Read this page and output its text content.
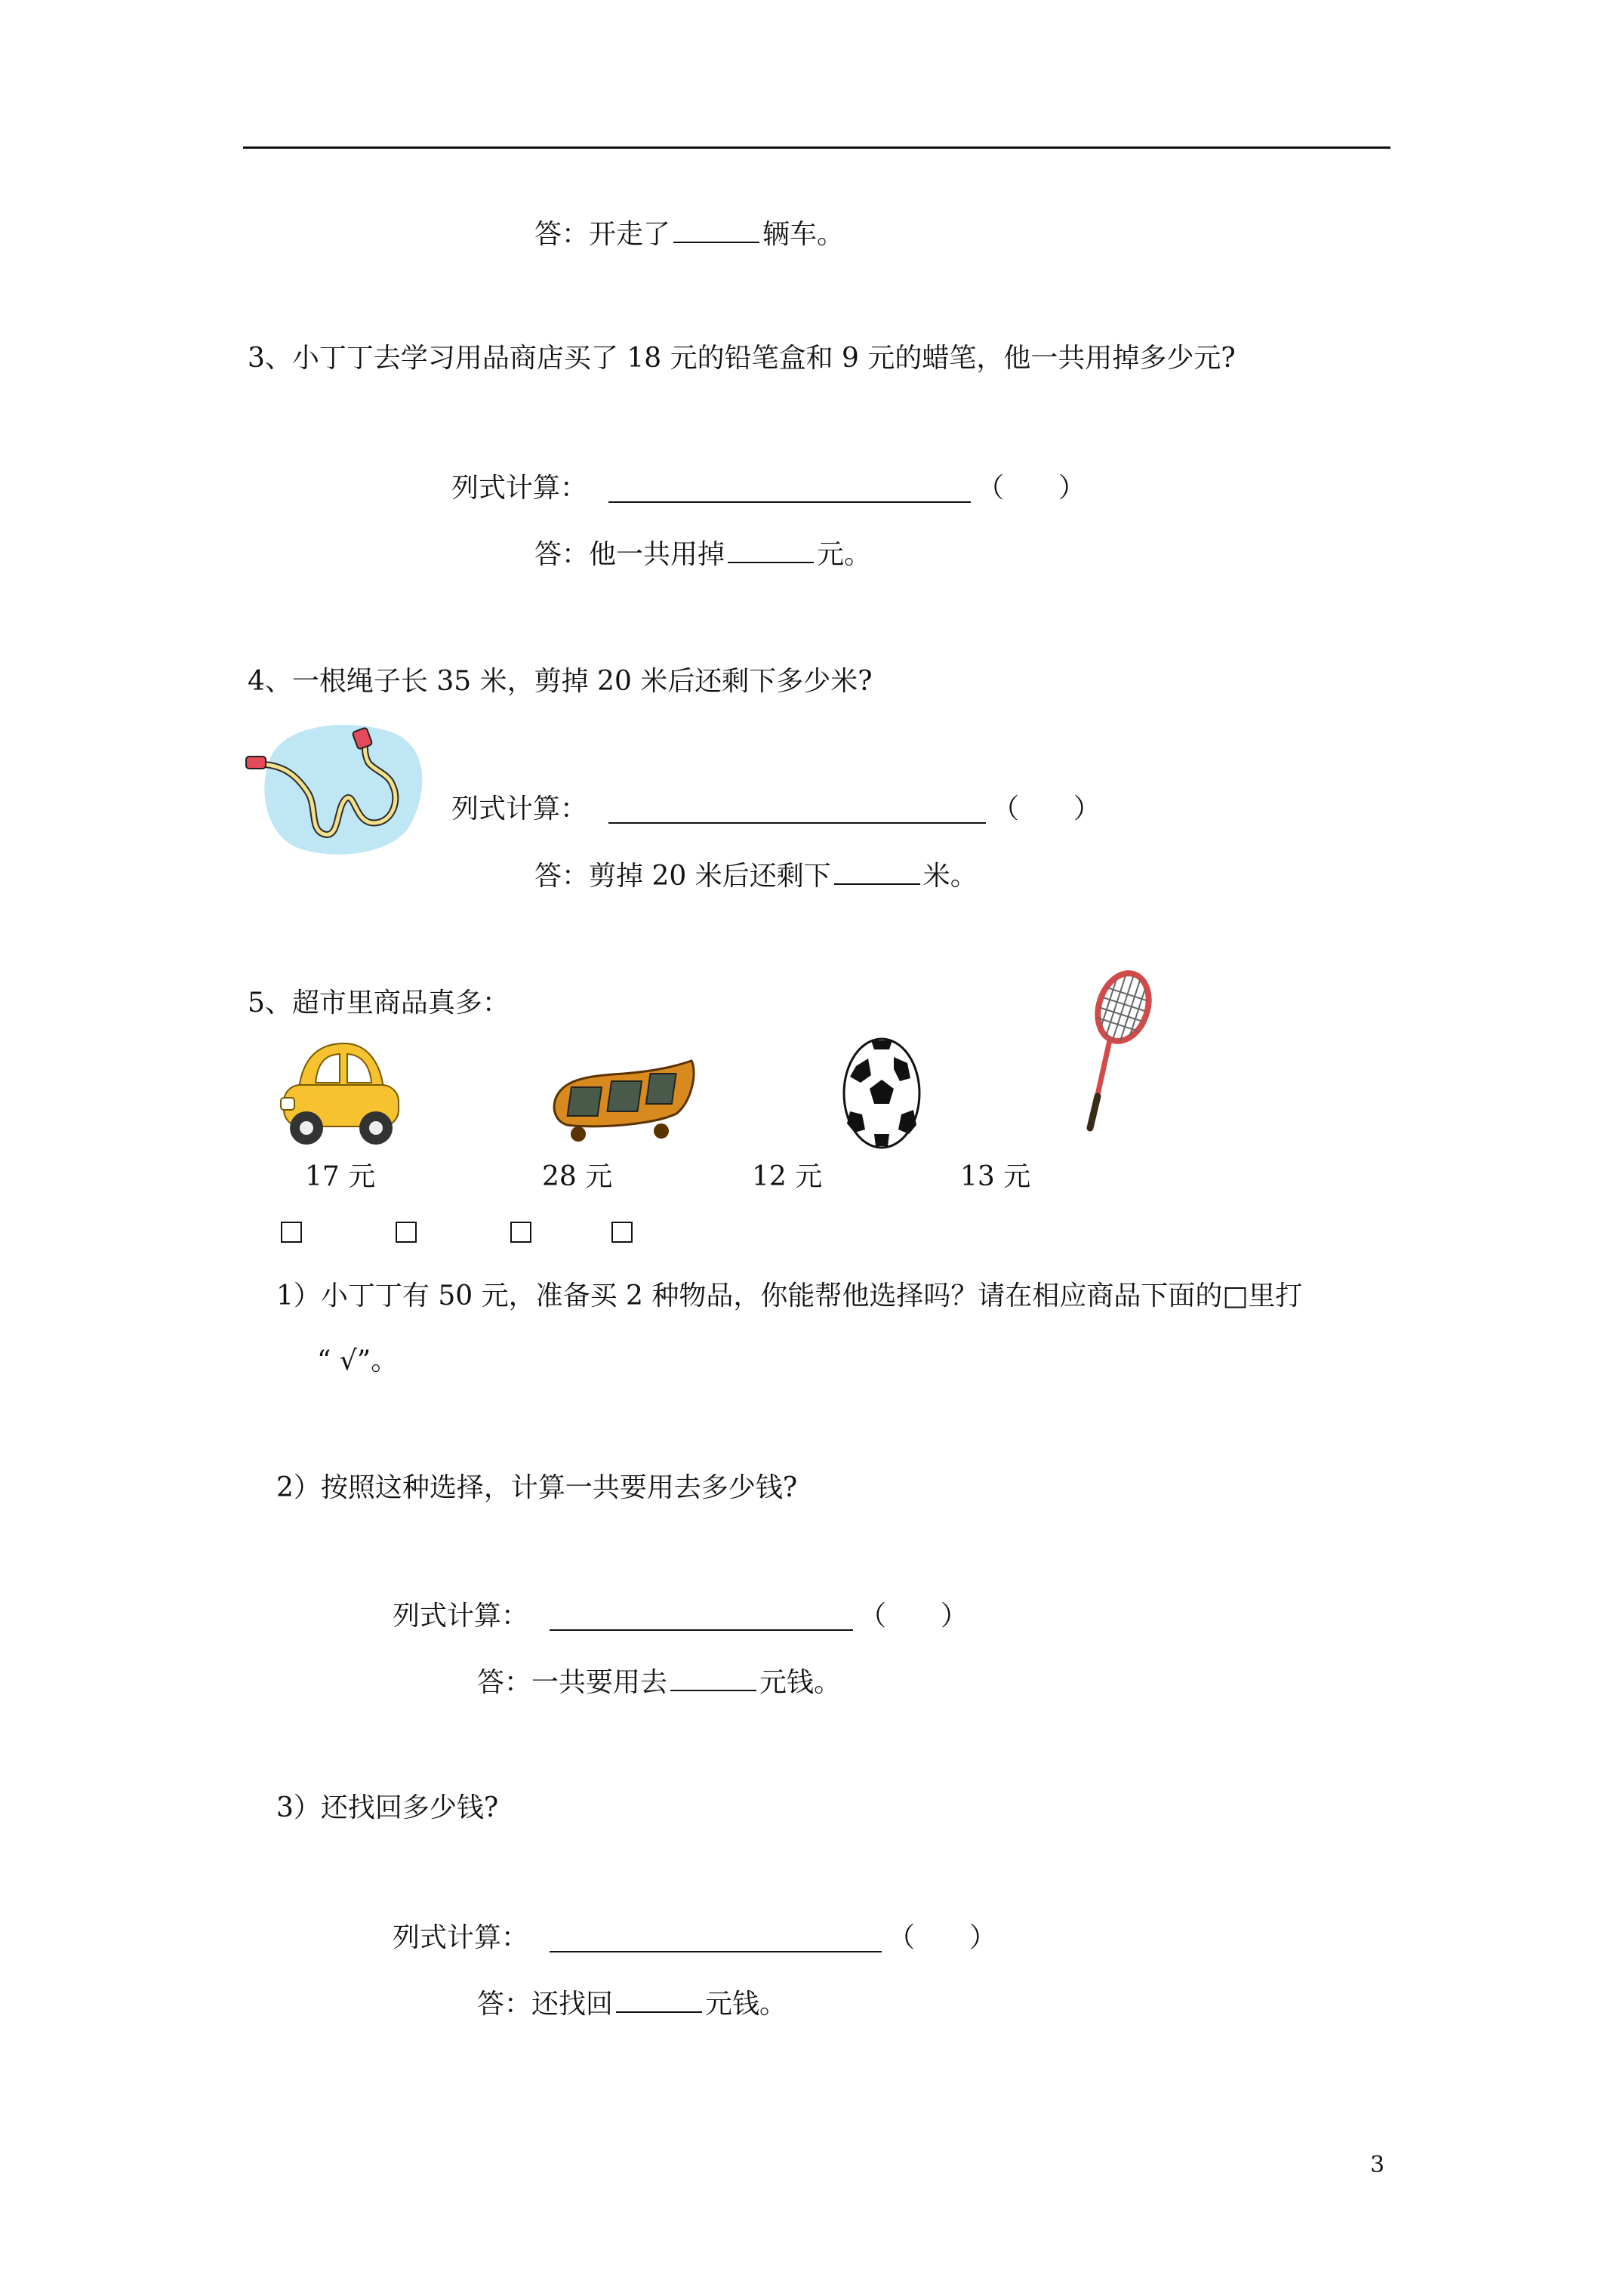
答：开走了	辆车。
3、小丁丁去学习用品商店买了 18 元的铅笔盒和 9 元的蜡笔，他一共用掉多少元?
列式计算：	（　　）
答：他一共用掉	元。
4、一根绳子长 35 米，剪掉 20 米后还剩下多少米?
列式计算：	（　　）
答：剪掉 20 米后还剩下	米。
5、超市里商品真多：
17 元	28 元	12 元	13 元
1）小丁丁有 50 元，准备买 2 种物品，你能帮他选择吗？请在相应商品下面的□里打
“ √”。
2）按照这种选择，计算一共要用去多少钱?
列式计算：	（　　）
答：一共要用去	元钱。
3）还找回多少钱?
列式计算：	（　　）
答：还找回	元钱。
3
